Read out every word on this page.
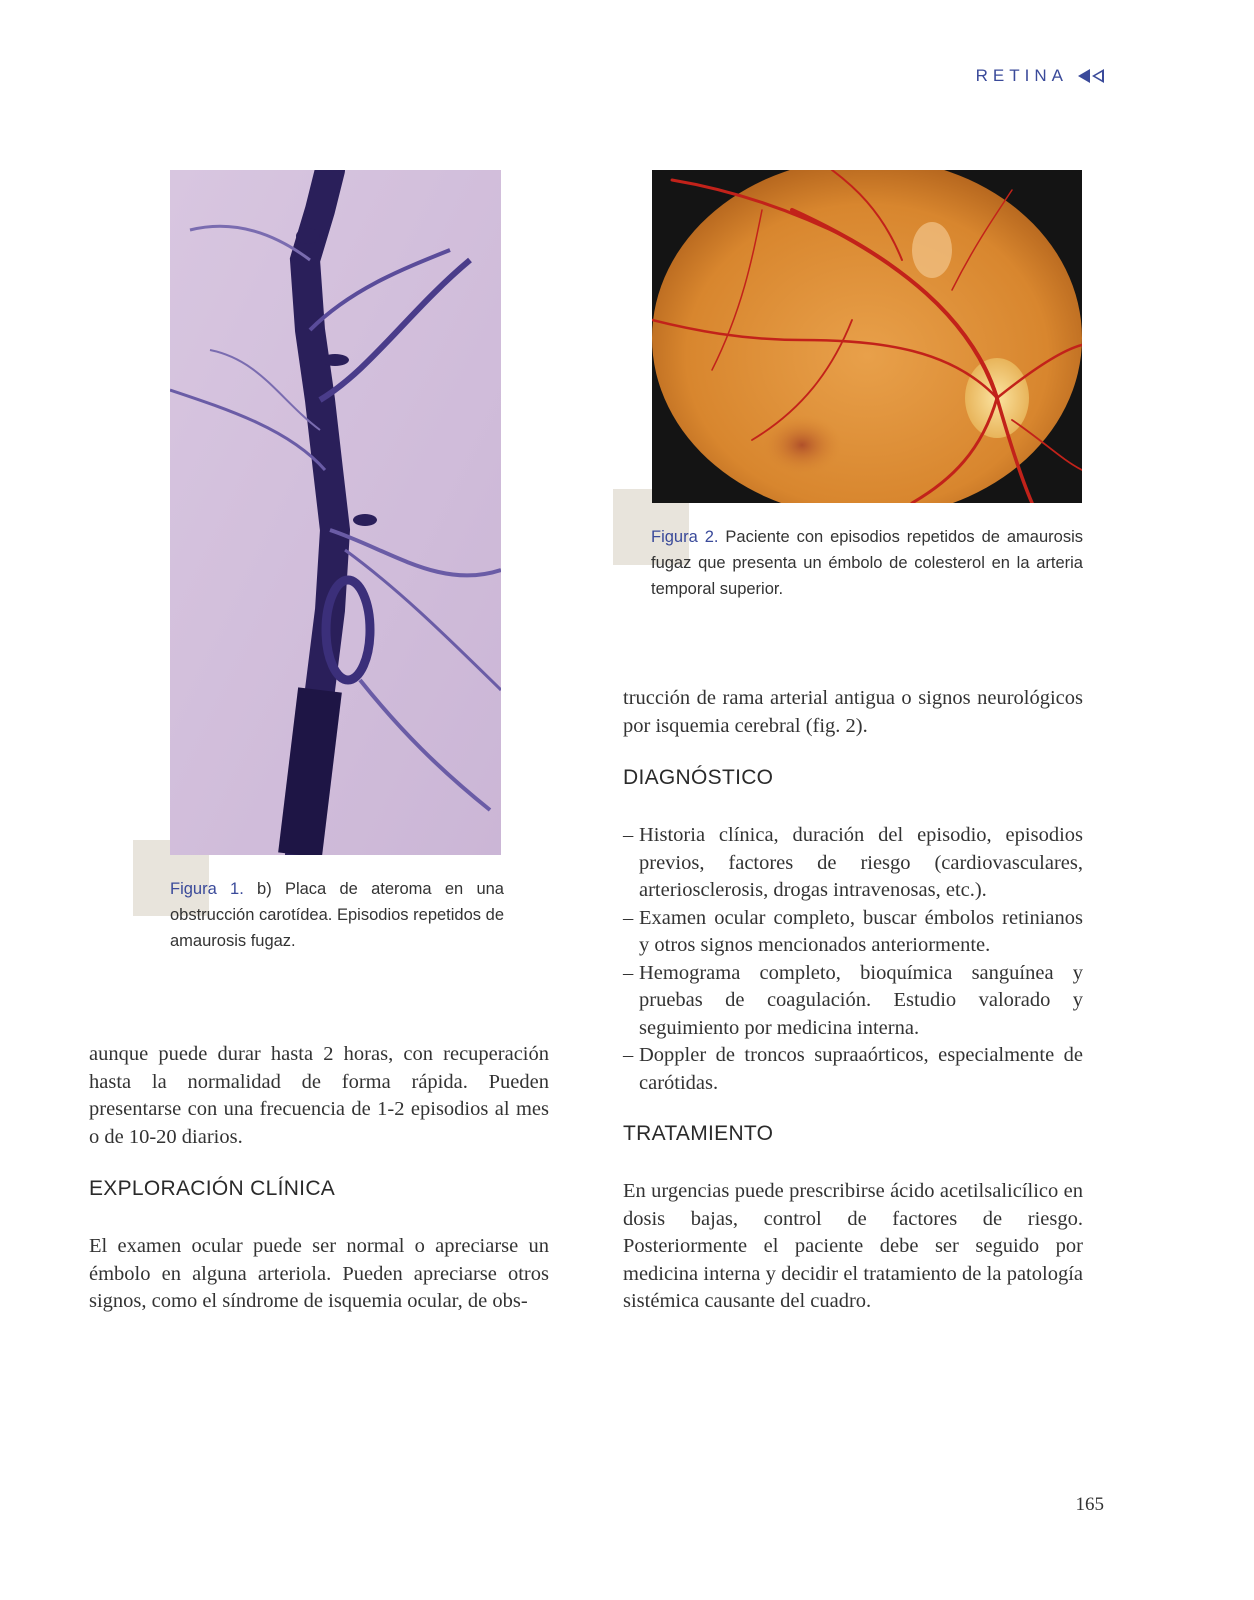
RETINA
Figura 1. b) Placa de ateroma en una obstrucción carotídea. Episodios repetidos de amaurosis fugaz.
Figura 2. Paciente con episodios repetidos de amaurosis fugaz que presenta un émbolo de colesterol en la arteria temporal superior.

aunque puede durar hasta 2 horas, con recuperación hasta la normalidad de forma rápida. Pueden presentarse con una frecuencia de 1-2 episodios al mes o de 10-20 diarios.

EXPLORACIÓN CLÍNICA

El examen ocular puede ser normal o apreciarse un émbolo en alguna arteriola. Pueden apreciarse otros signos, como el síndrome de isquemia ocular, de obs-

trucción de rama arterial antigua o signos neurológicos por isquemia cerebral (fig. 2).

DIAGNÓSTICO
– Historia clínica, duración del episodio, episodios previos, factores de riesgo (cardiovasculares, arteriosclerosis, drogas intravenosas, etc.).
– Examen ocular completo, buscar émbolos retinianos y otros signos mencionados anteriormente.
– Hemograma completo, bioquímica sanguínea y pruebas de coagulación. Estudio valorado y seguimiento por medicina interna.
– Doppler de troncos supraaórticos, especialmente de carótidas.
TRATAMIENTO

En urgencias puede prescribirse ácido acetilsalicílico en dosis bajas, control de factores de riesgo. Posteriormente el paciente debe ser seguido por medicina interna y decidir el tratamiento de la patología sistémica causante del cuadro.

165
